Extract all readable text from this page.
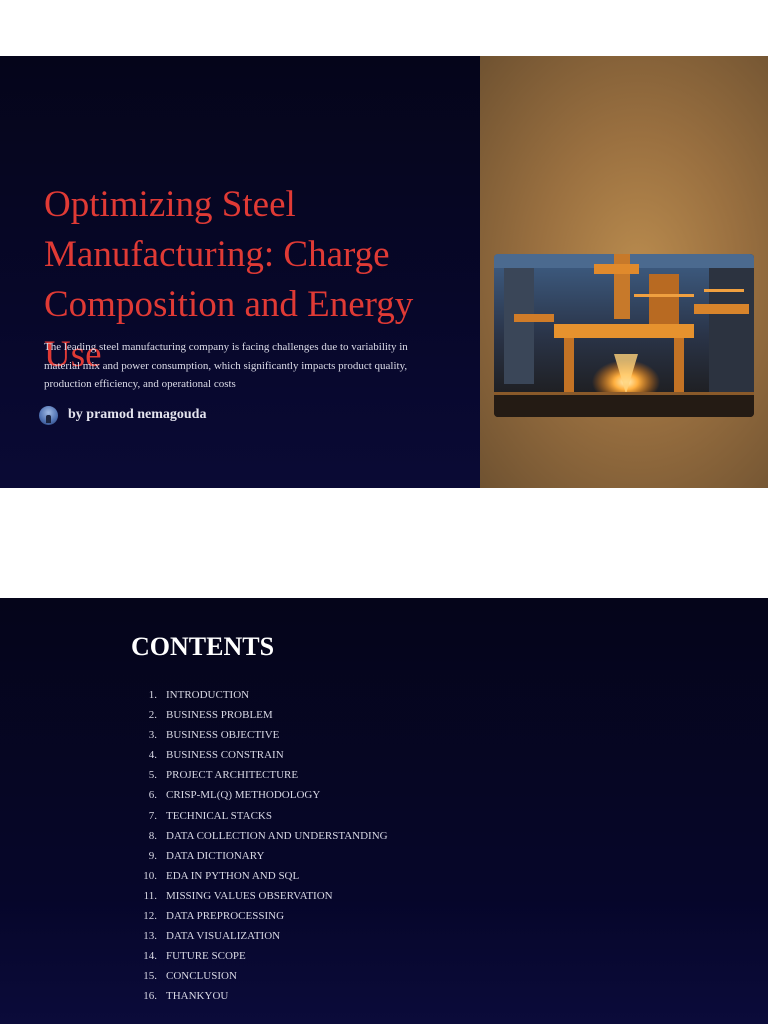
Optimizing Steel Manufacturing: Charge Composition and Energy Use

The leading steel manufacturing company is facing challenges due to variability in material mix and power consumption, which significantly impacts product quality, production efficiency, and operational costs

by pramod nemagouda
CONTENTS
1. INTRODUCTION
2. BUSINESS PROBLEM
3. BUSINESS OBJECTIVE
4. BUSINESS CONSTRAIN
5. PROJECT ARCHITECTURE
6. CRISP-ML(Q) METHODOLOGY
7. TECHNICAL STACKS
8. DATA COLLECTION AND UNDERSTANDING
9. DATA DICTIONARY
10. EDA IN PYTHON AND SQL
11. MISSING VALUES OBSERVATION
12. DATA PREPROCESSING
13. DATA VISUALIZATION
14. FUTURE SCOPE
15. CONCLUSION
16. THANKYOU
